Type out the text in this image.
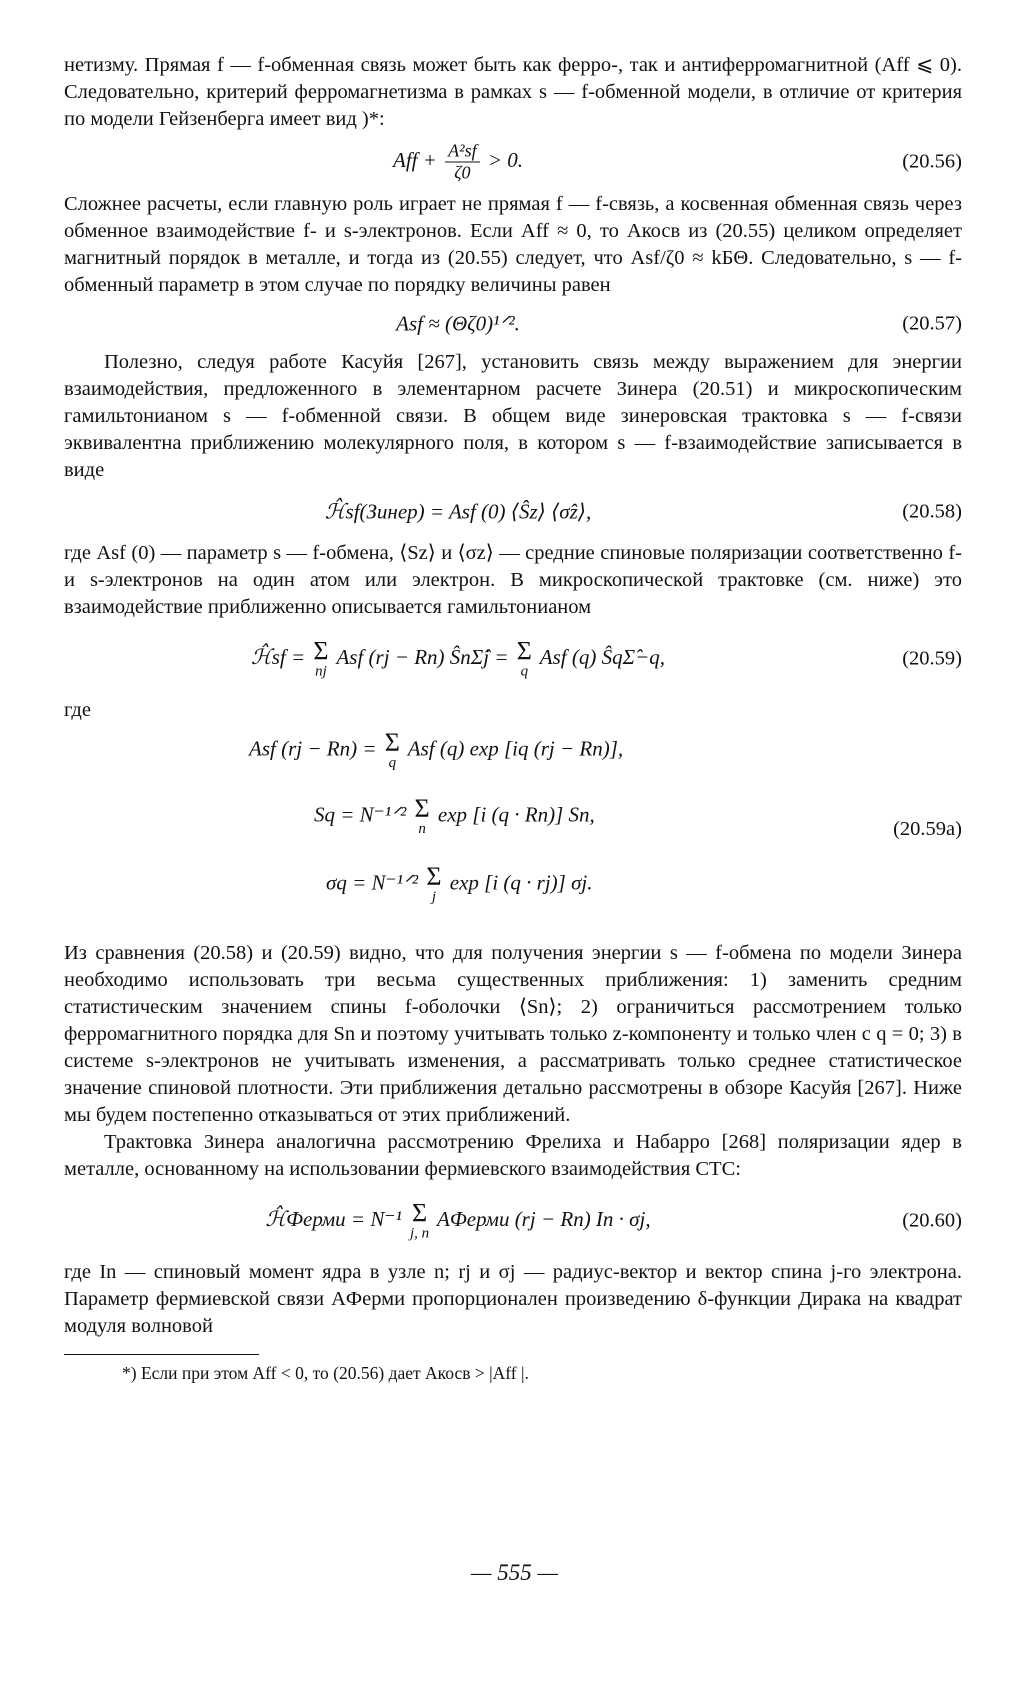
нетизму. Прямая f — f-обменная связь может быть как ферро-, так и антиферромагнитной (Aff ⩽ 0). Следовательно, критерий ферромагнетизма в рамках s — f-обменной модели, в отличие от критерия по модели Гейзенберга имеет вид )*:

Aff + $\frac{\text{A²sf}}{\zeta 0} > 0$.	(20.56)

Сложнее расчеты, если главную роль играет не прямая f — f-связь, а косвенная обменная связь через обменное взаимодействие f- и s-электронов. Если Aff ≈ 0, то Aкосв из (20.55) целиком определяет магнитный порядок в металле, и тогда из (20.55) следует, что Asf/ζ0 ≈ kБΘ. Следовательно, s — f-обменный параметр в этом случае по порядку величины равен

Asf ≈ (Θζ0)¹ᐟ².	(20.57)

Полезно, следуя работе Касуйя [267], установить связь между выражением для энергии взаимодействия, предложенного в элементарном расчете Зинера (20.51) и микроскопическим гамильтонианом s — f-обменной связи. В общем виде зинеровская трактовка s — f-связи эквивалентна приближению молекулярного поля, в котором s — f-взаимодействие записывается в виде

ℋ̂sf(Зинер) = Asf (0) ⟨Ŝz⟩ ⟨σ̂z⟩,	(20.58)

где Asf (0) — параметр s — f-обмена, ⟨Sz⟩ и ⟨σz⟩ — средние спиновые поляризации соответственно f- и s-электронов на один атом или электрон. В микроскопической трактовке (см. ниже) это взаимодействие приближенно описывается гамильтонианом

ℋ̂sf = Σ
nj
Asf (rj − Rn) ŜnΣ̂j = Σ
q
Asf (q) ŜqΣ̂−q,	(20.59)

где

Asf (rj − Rn) = Σ
q
Asf (q) exp [iq (rj − Rn)],
Sq = N⁻¹ᐟ² Σ
n
exp [i (q · Rn)] Sn,
σq = N⁻¹ᐟ² Σ
j
exp [i (q · rj)] σj.
(20.59a)

Из сравнения (20.58) и (20.59) видно, что для получения энергии s — f-обмена по модели Зинера необходимо использовать три весьма существенных приближения: 1) заменить средним статистическим значением спины f-оболочки ⟨Sn⟩; 2) ограничиться рассмотрением только ферромагнитного порядка для Sn и поэтому учитывать только z-компоненту и только член с q = 0; 3) в системе s-электронов не учитывать изменения, а рассматривать только среднее статистическое значение спиновой плотности. Эти приближения детально рассмотрены в обзоре Касуйя [267]. Ниже мы будем постепенно отказываться от этих приближений.

Трактовка Зинера аналогична рассмотрению Фрелиха и Набарро [268] поляризации ядер в металле, основанному на использовании фермиевского взаимодействия СТС:

ℋ̂Ферми = N⁻¹ Σ
j, n
AФерми (rj − Rn) In · σj,	(20.60)

где In — спиновый момент ядра в узле n; rj и σj — радиус-вектор и вектор спина j-го электрона. Параметр фермиевской связи AФерми пропорционален произведению δ-функции Дирака на квадрат модуля волновой

*) Если при этом Aff < 0, то (20.56) дает Aкосв > |Aff |.
— 555 —
